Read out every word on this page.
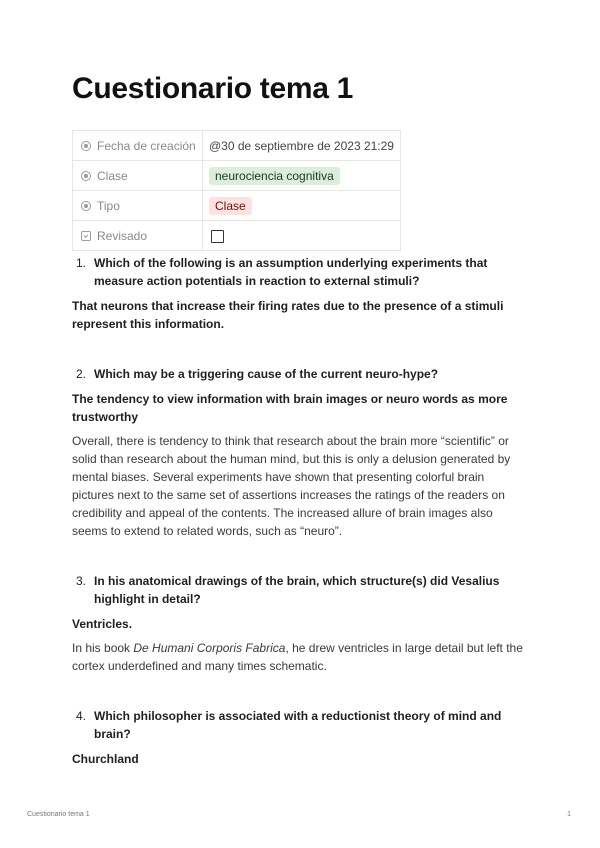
Cuestionario tema 1
Fecha de creación	@30 de septiembre de 2023 21:29
Clase	neurociencia cognitiva
Tipo	Clase
Revisado	
1. Which of the following is an assumption underlying experiments that

measure action potentials in reaction to external stimuli?

That neurons that increase their firing rates due to the presence of a stimuli

represent this information.

2. Which may be a triggering cause of the current neuro-hype?

The tendency to view information with brain images or neuro words as more

trustworthy

Overall, there is tendency to think that research about the brain more “scientific” or

solid than research about the human mind, but this is only a delusion generated by

mental biases. Several experiments have shown that presenting colorful brain

pictures next to the same set of assertions increases the ratings of the readers on

credibility and appeal of the contents. The increased allure of brain images also

seems to extend to related words, such as “neuro”.

3. In his anatomical drawings of the brain, which structure(s) did Vesalius

highlight in detail?

Ventricles.

In his book De Humani Corporis Fabrica, he drew ventricles in large detail but left the

cortex underdefined and many times schematic.

4. Which philosopher is associated with a reductionist theory of mind and

brain?

Churchland

Cuestionario tema 1	1
